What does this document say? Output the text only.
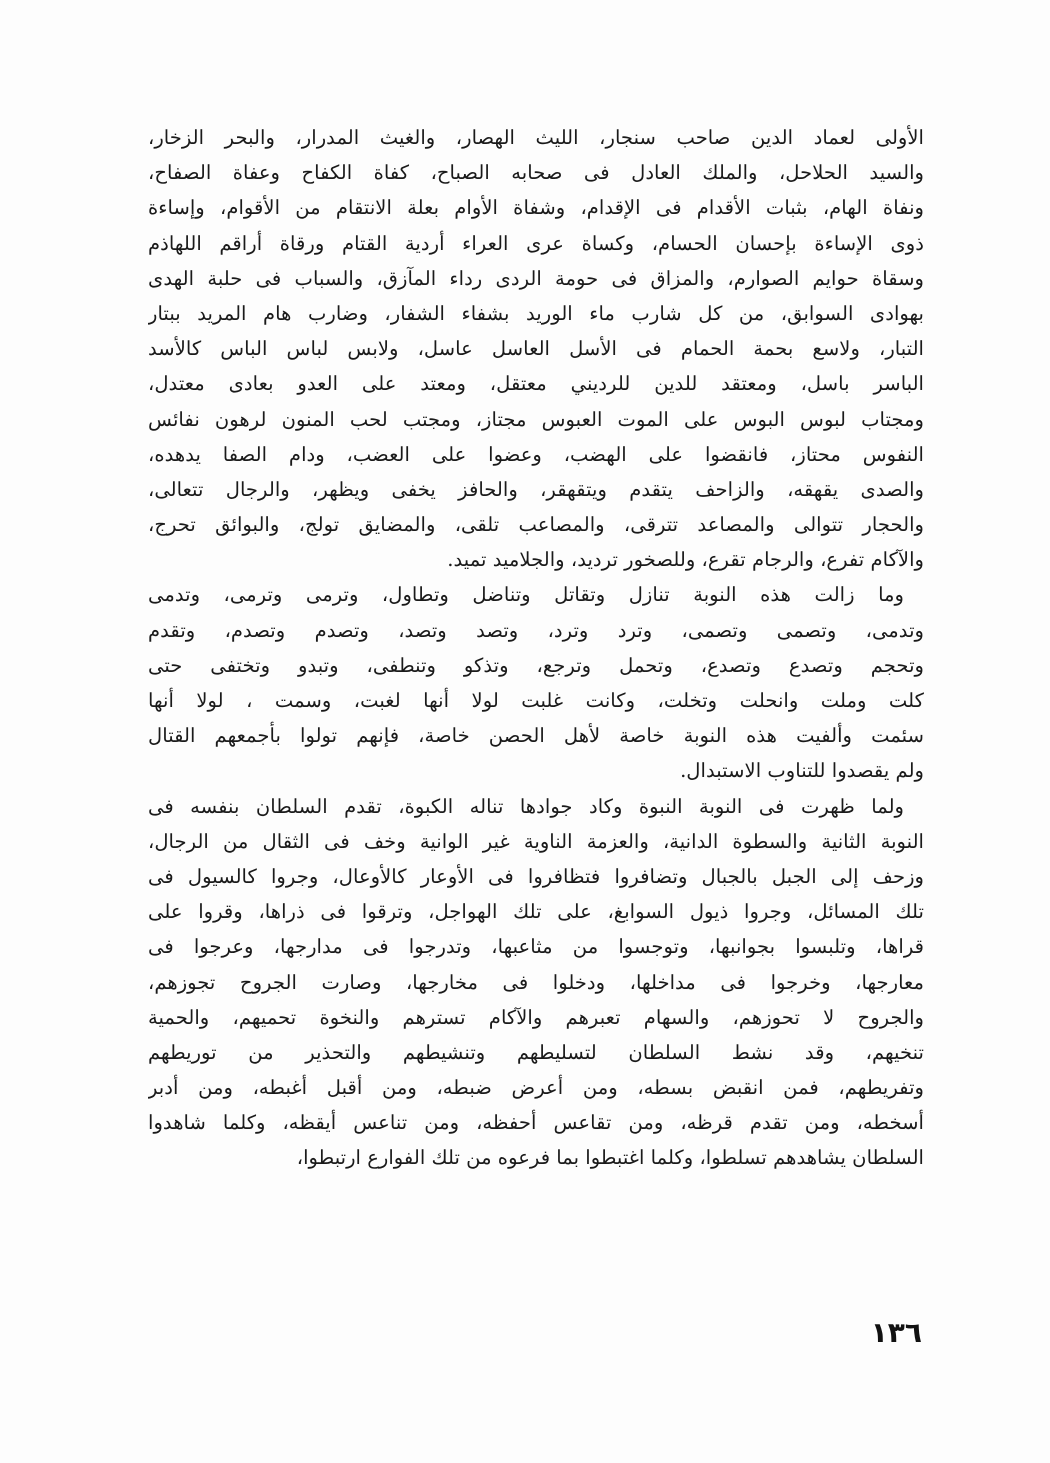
الأولى لعماد الدين صاحب سنجار، الليث الهصار، والغيث المدرار، والبحر الزخار،
والسيد الحلاحل، والملك العادل فى صحابه الصباح، كفاة الكفاح وعفاة الصفاح،
ونفاة الهام، بثبات الأقدام فى الإقدام، وشفاة الأوام بعلة الانتقام من الأقوام، وإساءة
ذوى الإساءة بإحسان الحسام، وكساة عرى العراء أردية القتام ورقاة أراقم اللهاذم
وسقاة حوايم الصوارم، والمزاق فى حومة الردى رداء المآزق، والسباب فى حلبة الهدى
بهوادى السوابق، من كل شارب ماء الوريد بشفاء الشفار، وضارب هام المريد ببتار
التبار، ولاسع بحمة الحمام فى الأسل العاسل عاسل، ولابس لباس الباس كالأسد
الباسر باسل، ومعتقد للدين للرديني معتقل، ومعتد على العدو بعادى معتدل،
ومجتاب لبوس البوس على الموت العبوس مجتاز، ومجتب لحب المنون لرهون نفائس
النفوس محتاز، فانقضوا على الهضب، وعضوا على العضب، ودام الصفا يدهده،
والصدى يقهقه، والزاحف يتقدم ويتقهقر، والحافز يخفى ويظهر، والرجال تتعالى،
والحجار تتوالى والمصاعد تترقى، والمصاعب تلقى، والمضايق تولج، والبوائق تحرج،
والآكام تفرع، والرجام تقرع، وللصخور ترديد، والجلاميد تميد.
وما زالت هذه النوبة تنازل وتقاتل وتناضل وتطاول، وترمى وترمى، وتدمى
وتدمى، وتصمى وتصمى، وترد وترد، وتصد وتصد، وتصدم وتصدم، وتقدم
وتحجم وتصدع وتصدع، وتحمل وترجع، وتذكو وتنطفى، وتبدو وتختفى حتى
كلت وملت وانحلت وتخلت، وكانت غلبت لولا أنها لغبت، وسمت ، لولا أنها
سئمت وألفيت هذه النوبة خاصة لأهل الحصن خاصة، فإنهم تولوا بأجمعهم القتال
ولم يقصدوا للتناوب الاستبدال.
ولما ظهرت فى النوبة النبوة وكاد جوادها تناله الكبوة، تقدم السلطان بنفسه فى
النوبة الثانية والسطوة الدانية، والعزمة الناوية غير الوانية وخف فى الثقال من الرجال،
وزحف إلى الجبل بالجبال وتضافروا فتظافروا فى الأوعار كالأوعال، وجروا كالسيول فى
تلك المسائل، وجروا ذيول السوابغ، على تلك الهواجل، وترقوا فى ذراها، وقروا على
قراها، وتلبسوا بجوانبها، وتوجسوا من مثاعبها، وتدرجوا فى مدارجها، وعرجوا فى
معارجها، وخرجوا فى مداخلها، ودخلوا فى مخارجها، وصارت الجروح تجوزهم،
والجروح لا تحوزهم، والسهام تعبرهم والآكام تسترهم والنخوة تحميهم، والحمية
تنخيهم، وقد نشط السلطان لتسليطهم وتنشيطهم والتحذير من توريطهم
وتفريطهم، فمن انقبض بسطه، ومن أعرض ضبطه، ومن أقبل أغبطه، ومن أدبر
أسخطه، ومن تقدم قرظه، ومن تقاعس أحفظه، ومن تناعس أيقظه، وكلما شاهدوا
السلطان يشاهدهم تسلطوا، وكلما اغتبطوا بما فرعوه من تلك الفوارع ارتبطوا،
١٣٦
